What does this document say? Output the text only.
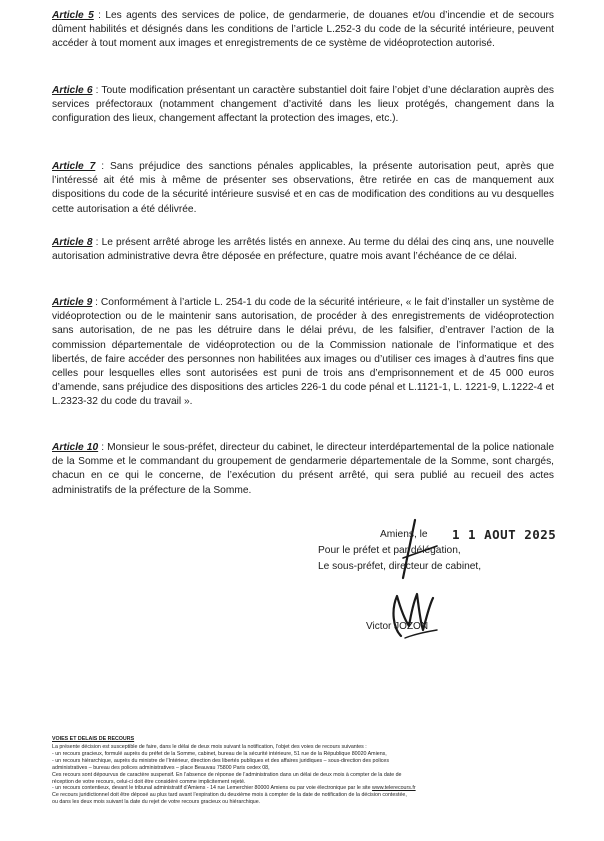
Article 5 : Les agents des services de police, de gendarmerie, de douanes et/ou d’incendie et de secours dûment habilités et désignés dans les conditions de l’article L.252-3 du code de la sécurité intérieure, peuvent accéder à tout moment aux images et enregistrements de ce système de vidéoprotection autorisé.
Article 6 : Toute modification présentant un caractère substantiel doit faire l’objet d’une déclaration auprès des services préfectoraux (notamment changement d’activité dans les lieux protégés, changement dans la configuration des lieux, changement affectant la protection des images, etc.).
Article 7 : Sans préjudice des sanctions pénales applicables, la présente autorisation peut, après que l’intéressé ait été mis à même de présenter ses observations, être retirée en cas de manquement aux dispositions du code de la sécurité intérieure susvisé et en cas de modification des conditions au vu desquelles cette autorisation a été délivrée.
Article 8 : Le présent arrêté abroge les arrêtés listés en annexe. Au terme du délai des cinq ans, une nouvelle autorisation administrative devra être déposée en préfecture, quatre mois avant l’échéance de ce délai.
Article 9 : Conformément à l’article L. 254-1 du code de la sécurité intérieure, « le fait d’installer un système de vidéoprotection ou de le maintenir sans autorisation, de procéder à des enregistrements de vidéoprotection sans autorisation, de ne pas les détruire dans le délai prévu, de les falsifier, d’entraver l’action de la commission départementale de vidéoprotection ou de la Commission nationale de l’informatique et des libertés, de faire accéder des personnes non habilitées aux images ou d’utiliser ces images à d’autres fins que celles pour lesquelles elles sont autorisées est puni de trois ans d’emprisonnement et de 45 000 euros d’amende, sans préjudice des dispositions des articles 226-1 du code pénal et L.1121-1, L. 1221-9, L.1222-4 et L.2323-32 du code du travail ».
Article 10 : Monsieur le sous-préfet, directeur du cabinet, le directeur interdépartemental de la police nationale de la Somme et le commandant du groupement de gendarmerie départementale de la Somme, sont chargés, chacun en ce qui le concerne, de l’exécution du présent arrêté, qui sera publié au recueil des actes administratifs de la préfecture de la Somme.
Amiens, le 1 1 AOUT 2025
Pour le préfet et par délégation,
Le sous-préfet, directeur de cabinet,
Victor JOZON
VOIES ET DELAIS DE RECOURS
La présente décision est susceptible de faire, dans le délai de deux mois suivant la notification, l’objet des voies de recours suivantes :
- un recours gracieux, formulé auprès du préfet de la Somme, cabinet, bureau de la sécurité intérieure, 51 rue de la République 80020 Amiens,
- un recours hiérarchique, auprès du ministre de l’Intérieur, direction des libertés publiques et des affaires juridiques – sous-direction des polices
administratives – bureau des polices administratives – place Beauvau 75800 Paris cedex 08,
Ces recours sont dépourvus de caractère suspensif. En l’absence de réponse de l’administration dans un délai de deux mois à compter de la date de
réception de votre recours, celui-ci doit être considéré comme implicitement rejeté.
- un recours contentieux, devant le tribunal administratif d’Amiens - 14 rue Lemerchier 80000 Amiens ou par voie électronique par le site www.telerecours.fr
Ce recours juridictionnel doit être déposé au plus tard avant l’expiration du deuxième mois à compter de la date de notification de la décision contestée,
ou dans les deux mois suivant la date du rejet de votre recours gracieux ou hiérarchique.
